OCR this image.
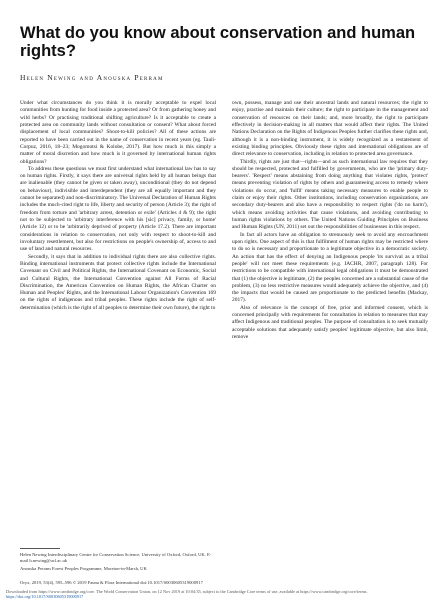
What do you know about conservation and human rights?
Helen Newing and Anouska Perram

Under what circumstances do you think it is morally acceptable to expel local communities from hunting for food inside a protected area? Or from gathering honey and wild herbs? Or practising traditional shifting agriculture? Is it acceptable to create a protected area on community lands without consultation or consent? What about forced displacement of local communities? Shoot-to-kill policies? All of these actions are reported to have been carried out in the name of conservation in recent years (eg. Tauli-Corpuz, 2016, 18–23; Mogomotsi & Kolobe, 2017). But how much is this simply a matter of moral discretion and how much is it governed by international human rights obligations?

To address these questions we must first understand what international law has to say on human rights. Firstly, it says there are universal rights held by all human beings that are inalienable (they cannot be given or taken away), unconditional (they do not depend on behaviour), indivisible and interdependent (they are all equally important and they cannot be separated) and non-discriminatory. The Universal Declaration of Human Rights includes the much-cited right to life, liberty and security of person (Article 3); the right of freedom from torture and 'arbitrary arrest, detention or exile' (Articles 4 & 9); the right not to be subjected to 'arbitrary interference with his [sic] privacy, family, or home' (Article 12) or to be 'arbitrarily deprived of property (Article 17.2). There are important considerations in relation to conservation, not only with respect to shoot-to-kill and involuntary resettlement, but also for restrictions on people's ownership of, access to and use of land and natural resources.

Secondly, it says that in addition to individual rights there are also collective rights. Binding international instruments that protect collective rights include the International Covenant on Civil and Political Rights, the International Covenant on Economic, Social and Cultural Rights, the International Convention against All Forms of Racial Discrimination, the American Convention on Human Rights, the African Charter on Human and Peoples' Rights, and the International Labour Organization's Convention 169 on the rights of indigenous and tribal peoples. These rights include the right of self-determination (which is the right of all peoples to determine their own future), the right to

own, possess, manage and use their ancestral lands and natural resources; the right to enjoy, practise and maintain their culture; the right to participate in the management and conservation of resources on their lands; and, more broadly, the right to participate effectively in decision-making in all matters that would affect their rights. The United Nations Declaration on the Rights of Indigenous Peoples further clarifies these rights and, although it is a non-binding instrument, it is widely recognized as a restatement of existing binding principles. Obviously these rights and international obligations are of direct relevance to conservation, including in relation to protected area governance.

Thirdly, rights are just that—rights—and as such international law requires that they should be respected, protected and fulfilled by governments, who are the 'primary duty-bearers'. 'Respect' means abstaining from doing anything that violates rights, 'protect' means preventing violation of rights by others and guaranteeing access to remedy where violations do occur, and 'fulfil' means taking necessary measures to enable people to claim or enjoy their rights. Other institutions, including conservation organizations, are secondary duty-bearers and also have a responsibility to respect rights ('do no harm'), which means avoiding activities that cause violations, and avoiding contributing to human rights violations by others. The United Nations Guiding Principles on Business and Human Rights (UN, 2011) set out the responsibilities of businesses in this respect.

In fact all actors have an obligation to strenuously seek to avoid any encroachment upon rights. One aspect of this is that fulfilment of human rights may be restricted where to do so is necessary and proportionate to a legitimate objective in a democratic society. An action that has the effect of denying an Indigenous people 'its survival as a tribal people' will not meet these requirements (e.g. IACHR, 2007, paragraph 128). For restrictions to be compatible with international legal obligations it must be demonstrated that (1) the objective is legitimate, (2) the peoples concerned are a substantial cause of the problem, (3) no less restrictive measures would adequately achieve the objective, and (4) the impacts that would be caused are proportionate to the predicted benefits (Mackay, 2017).

Also of relevance is the concept of free, prior and informed consent, which is concerned principally with requirements for consultation in relation to measures that may affect Indigenous and traditional peoples. The purpose of consultation is to seek mutually acceptable solutions that adequately satisfy peoples' legitimate objective, but also limit, remove

Helen Newing Interdisciplinary Centre for Conservation Science, University of Oxford, Oxford, UK. E-mail h.newing@ucl.ac.uk
Anouska Perram Forest Peoples Programme, Moreton-in-Marsh, UK
Oryx, 2019, 53(4), 595–596 © 2019 Fauna & Flora International doi:10.1017/S0030605319000917
Downloaded from https://www.cambridge.org/core. The World Conservation Union, on 12 Nov 2019 at 10:04:35, subject to the Cambridge Core terms of use, available at https://www.cambridge.org/core/terms. https://doi.org/10.1017/S0030605319000917
